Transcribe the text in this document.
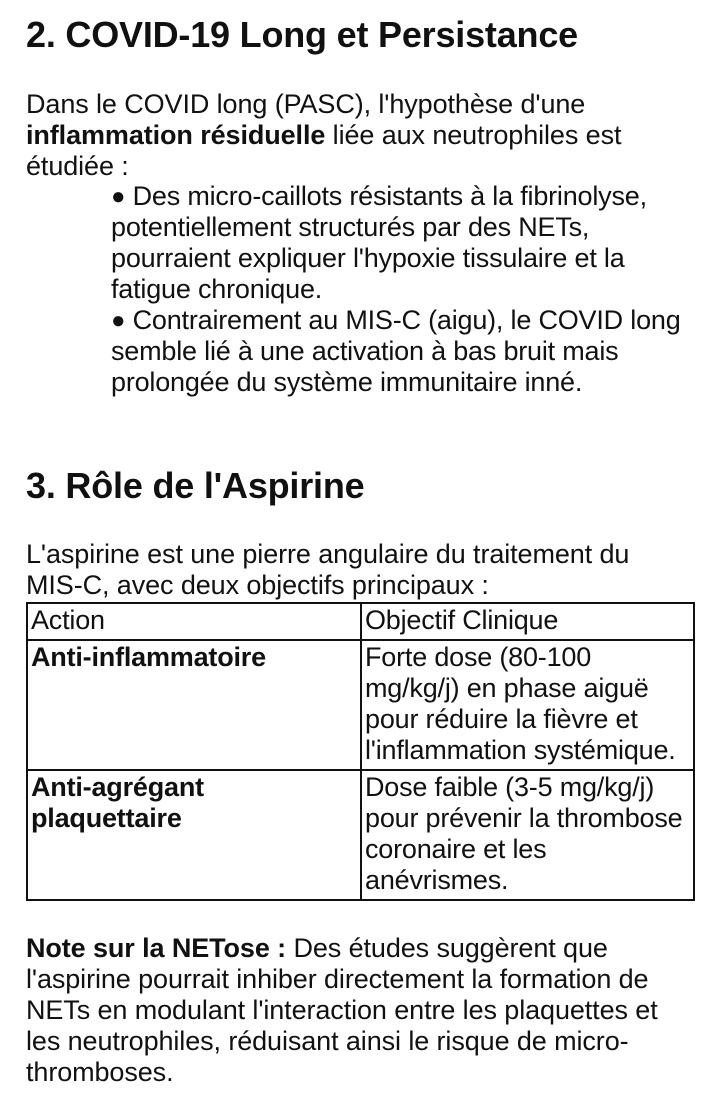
2. COVID-19 Long et Persistance

Dans le COVID long (PASC), l'hypothèse d'une inflammation résiduelle liée aux neutrophiles est étudiée :

● Des micro-caillots résistants à la fibrinolyse, potentiellement structurés par des NETs, pourraient expliquer l'hypoxie tissulaire et la fatigue chronique.

● Contrairement au MIS-C (aigu), le COVID long semble lié à une activation à bas bruit mais prolongée du système immunitaire inné.

3. Rôle de l'Aspirine

L'aspirine est une pierre angulaire du traitement du MIS-C, avec deux objectifs principaux :

Action	Objectif Clinique
Anti-inflammatoire	Forte dose (80-100 mg/kg/j) en phase aiguë pour réduire la fièvre et l'inflammation systémique.
Anti-agrégant plaquettaire	Dose faible (3-5 mg/kg/j) pour prévenir la thrombose coronaire et les anévrismes.

Note sur la NETose : Des études suggèrent que l'aspirine pourrait inhiber directement la formation de NETs en modulant l'interaction entre les plaquettes et les neutrophiles, réduisant ainsi le risque de micro-thromboses.
